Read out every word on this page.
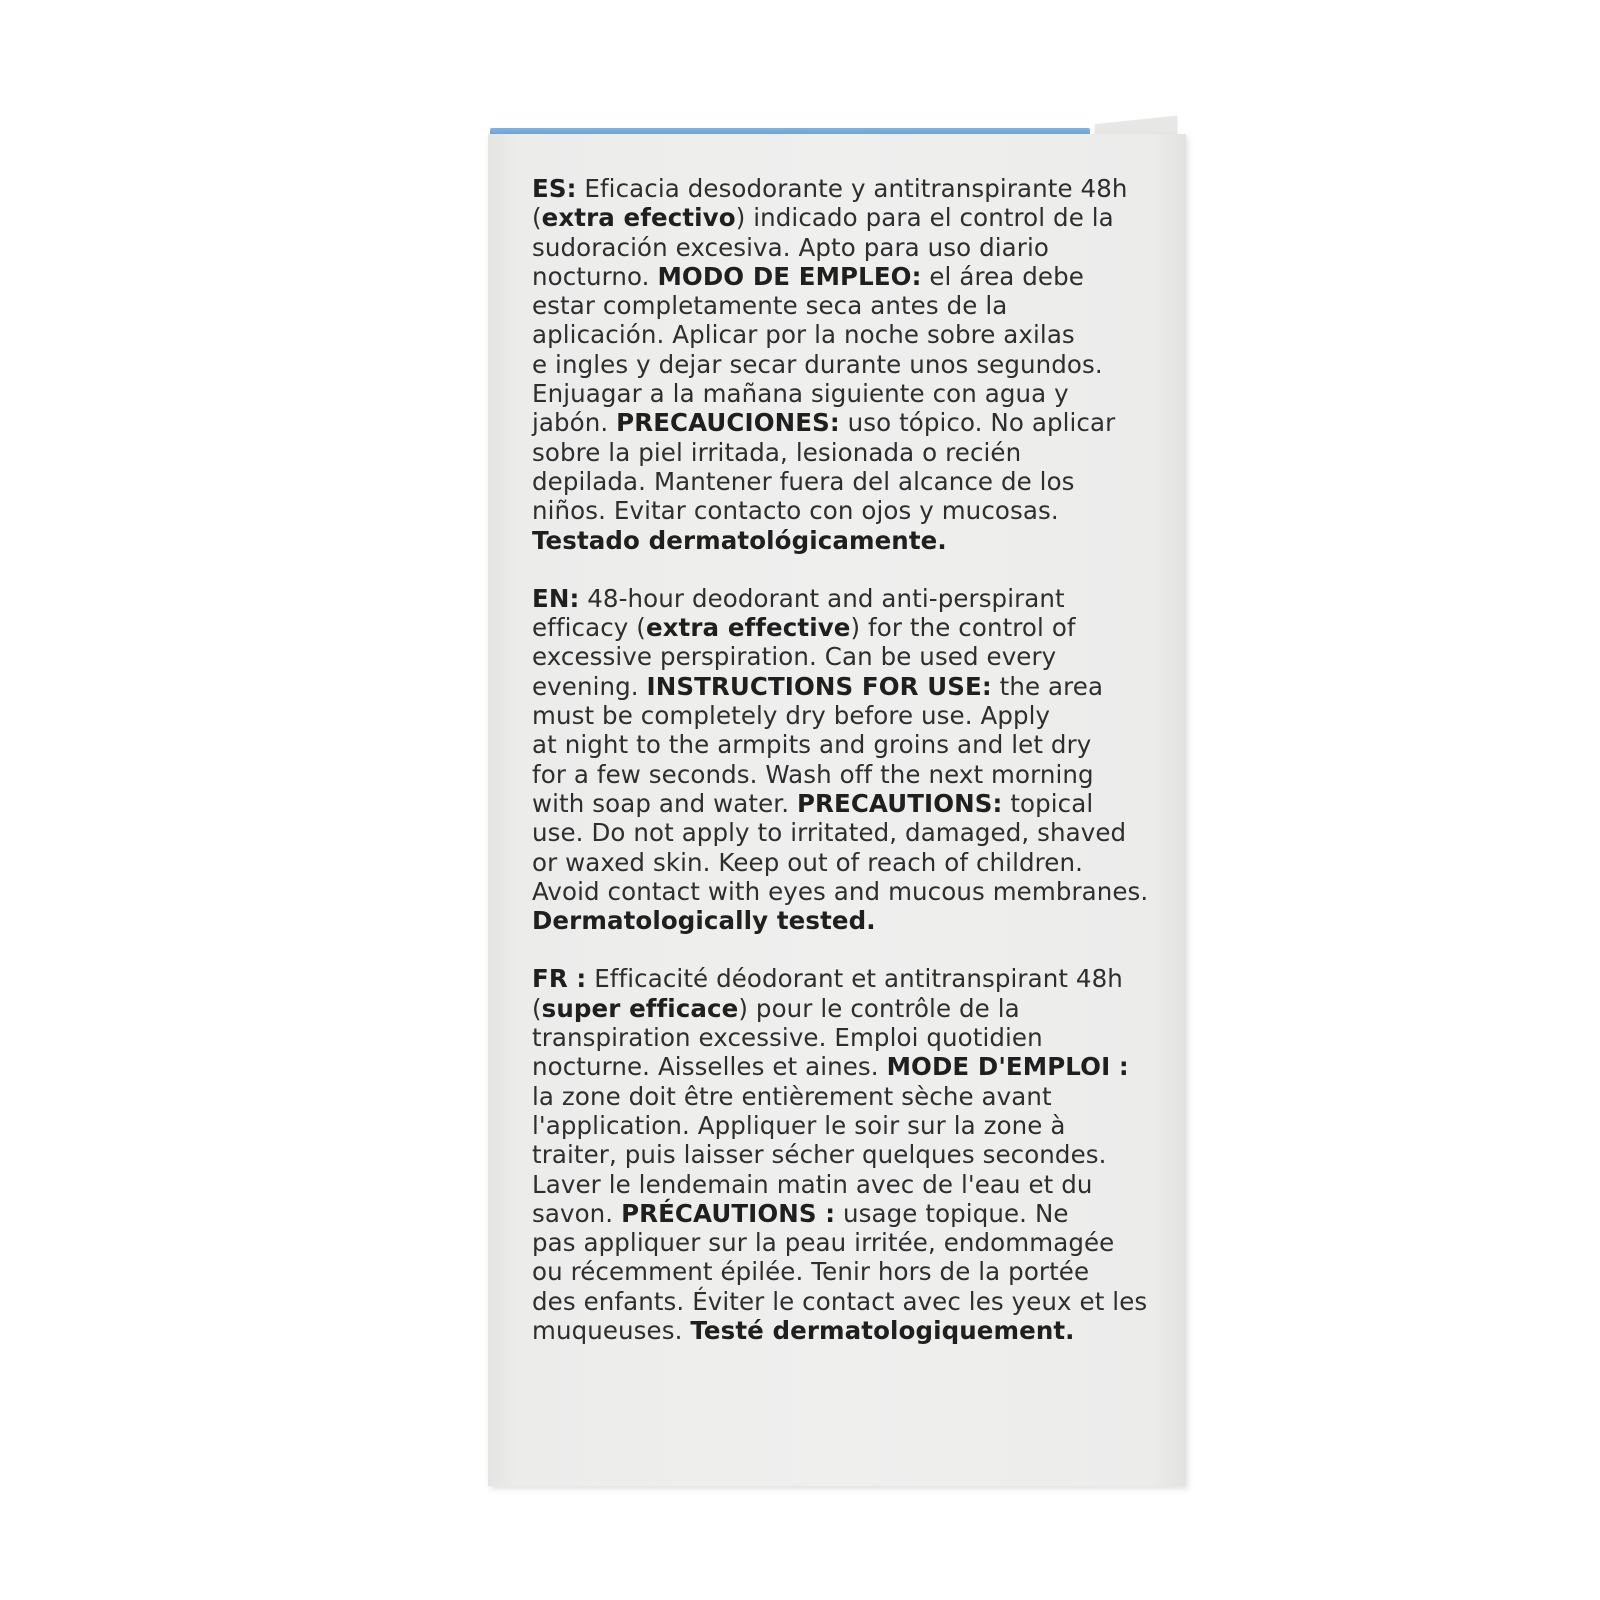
ES: Eficacia desodorante y antitranspirante 48h
(extra efectivo) indicado para el control de la
sudoración excesiva. Apto para uso diario
nocturno. MODO DE EMPLEO: el área debe
estar completamente seca antes de la
aplicación. Aplicar por la noche sobre axilas
e ingles y dejar secar durante unos segundos.
Enjuagar a la mañana siguiente con agua y
jabón. PRECAUCIONES: uso tópico. No aplicar
sobre la piel irritada, lesionada o recién
depilada. Mantener fuera del alcance de los
niños. Evitar contacto con ojos y mucosas.
Testado dermatológicamente.

EN: 48-hour deodorant and anti-perspirant
efficacy (extra effective) for the control of
excessive perspiration. Can be used every
evening. INSTRUCTIONS FOR USE: the area
must be completely dry before use. Apply
at night to the armpits and groins and let dry
for a few seconds. Wash off the next morning
with soap and water. PRECAUTIONS: topical
use. Do not apply to irritated, damaged, shaved
or waxed skin. Keep out of reach of children.
Avoid contact with eyes and mucous membranes.
Dermatologically tested.

FR : Efficacité déodorant et antitranspirant 48h
(super efficace) pour le contrôle de la
transpiration excessive. Emploi quotidien
nocturne. Aisselles et aines. MODE D'EMPLOI :
la zone doit être entièrement sèche avant
l'application. Appliquer le soir sur la zone à
traiter, puis laisser sécher quelques secondes.
Laver le lendemain matin avec de l'eau et du
savon. PRÉCAUTIONS : usage topique. Ne
pas appliquer sur la peau irritée, endommagée
ou récemment épilée. Tenir hors de la portée
des enfants. Éviter le contact avec les yeux et les
muqueuses. Testé dermatologiquement.
